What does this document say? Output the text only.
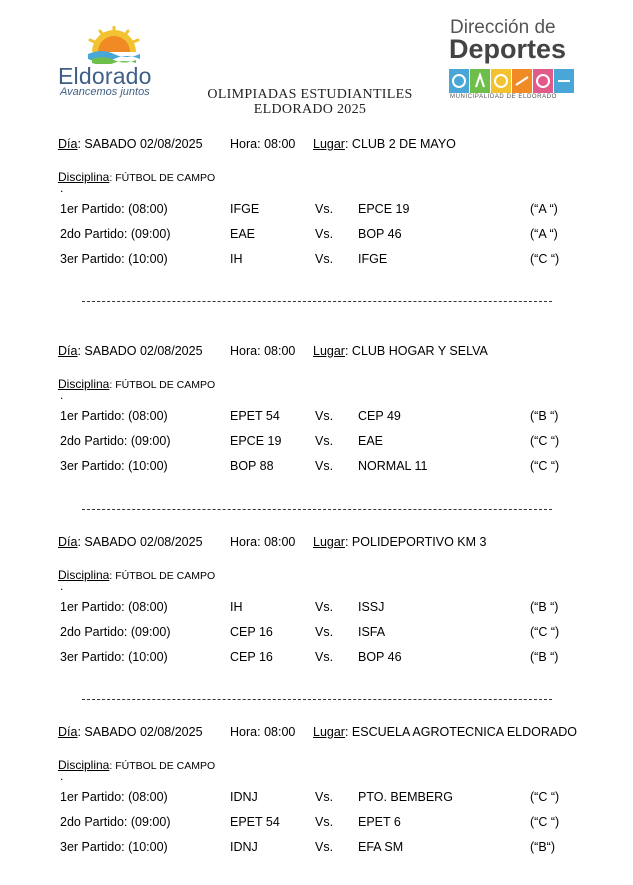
Eldorado
Avancemos juntos
Dirección de
Deportes
MUNICIPALIDAD DE ELDORADO
OLIMPIADAS ESTUDIANTILES
ELDORADO 2025
Día: SABADO 02/08/2025 Hora: 08:00 Lugar: CLUB 2 DE MAYO
Disciplina: FÚTBOL DE CAMPO
.
1er Partido: (08:00)	IFGE	Vs. EPCE 19	(“A “)
2do Partido: (09:00)	EAE	Vs. BOP 46	(“A “)
3er Partido: (10:00)	IH	Vs. IFGE	(“C “)
Día: SABADO 02/08/2025 Hora: 08:00 Lugar: CLUB HOGAR Y SELVA
Disciplina: FÚTBOL DE CAMPO
.
1er Partido: (08:00)	EPET 54	Vs. CEP 49	(“B “)
2do Partido: (09:00)	EPCE 19	Vs. EAE	(“C “)
3er Partido: (10:00)	BOP 88	Vs. NORMAL 11	(“C “)
Día: SABADO 02/08/2025 Hora: 08:00 Lugar: POLIDEPORTIVO KM 3
Disciplina: FÚTBOL DE CAMPO
.
1er Partido: (08:00)	IH	Vs. ISSJ	(“B “)
2do Partido: (09:00)	CEP 16	Vs. ISFA	(“C “)
3er Partido: (10:00)	CEP 16	Vs. BOP 46	(“B “)
Día: SABADO 02/08/2025 Hora: 08:00 Lugar: ESCUELA AGROTECNICA ELDORADO
Disciplina: FÚTBOL DE CAMPO
.
1er Partido: (08:00)	IDNJ	Vs. PTO. BEMBERG	(“C “)
2do Partido: (09:00)	EPET 54	Vs. EPET 6	(“C “)
3er Partido: (10:00)	IDNJ	Vs. EFA SM	(“B“)
